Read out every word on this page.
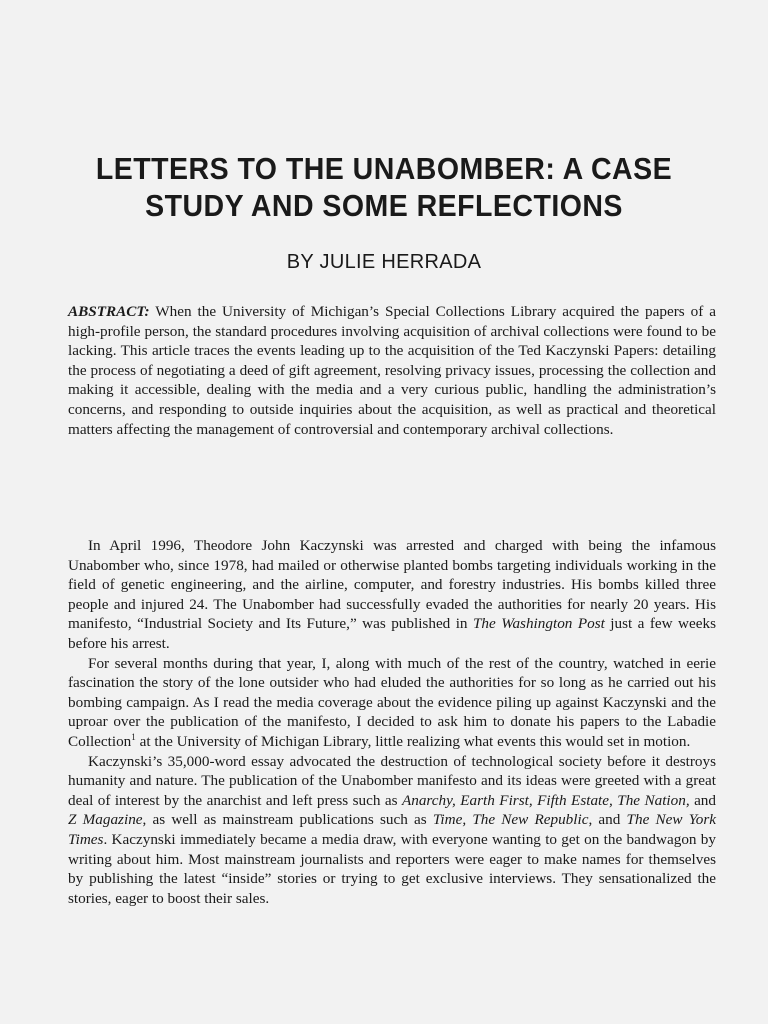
LETTERS TO THE UNABOMBER: A CASE
STUDY AND SOME REFLECTIONS
BY JULIE HERRADA

ABSTRACT: When the University of Michigan’s Special Collections Library acquired the papers of a high-profile person, the standard procedures involving acquisition of archival collections were found to be lacking. This article traces the events leading up to the acquisition of the Ted Kaczynski Papers: detailing the process of negotiating a deed of gift agreement, resolving privacy issues, processing the collection and making it accessible, dealing with the media and a very curious public, handling the administration’s concerns, and responding to outside inquiries about the acquisition, as well as practical and theoretical matters affecting the management of controversial and contemporary archival collections.

In April 1996, Theodore John Kaczynski was arrested and charged with being the infamous Unabomber who, since 1978, had mailed or otherwise planted bombs targeting individuals working in the field of genetic engineering, and the airline, computer, and forestry industries. His bombs killed three people and injured 24. The Unabomber had successfully evaded the authorities for nearly 20 years. His manifesto, “Industrial Society and Its Future,” was published in The Washington Post just a few weeks before his arrest.

For several months during that year, I, along with much of the rest of the country, watched in eerie fascination the story of the lone outsider who had eluded the authorities for so long as he carried out his bombing campaign. As I read the media coverage about the evidence piling up against Kaczynski and the uproar over the publication of the manifesto, I decided to ask him to donate his papers to the Labadie Collection$^1$ at the University of Michigan Library, little realizing what events this would set in motion.

Kaczynski’s 35,000-word essay advocated the destruction of technological society before it destroys humanity and nature. The publication of the Unabomber manifesto and its ideas were greeted with a great deal of interest by the anarchist and left press such as Anarchy, Earth First, Fifth Estate, The Nation, and Z Magazine, as well as mainstream publications such as Time, The New Republic, and The New York Times. Kaczynski immediately became a media draw, with everyone wanting to get on the bandwagon by writing about him. Most mainstream journalists and reporters were eager to make names for themselves by publishing the latest “inside” stories or trying to get exclusive interviews. They sensationalized the stories, eager to boost their sales.
